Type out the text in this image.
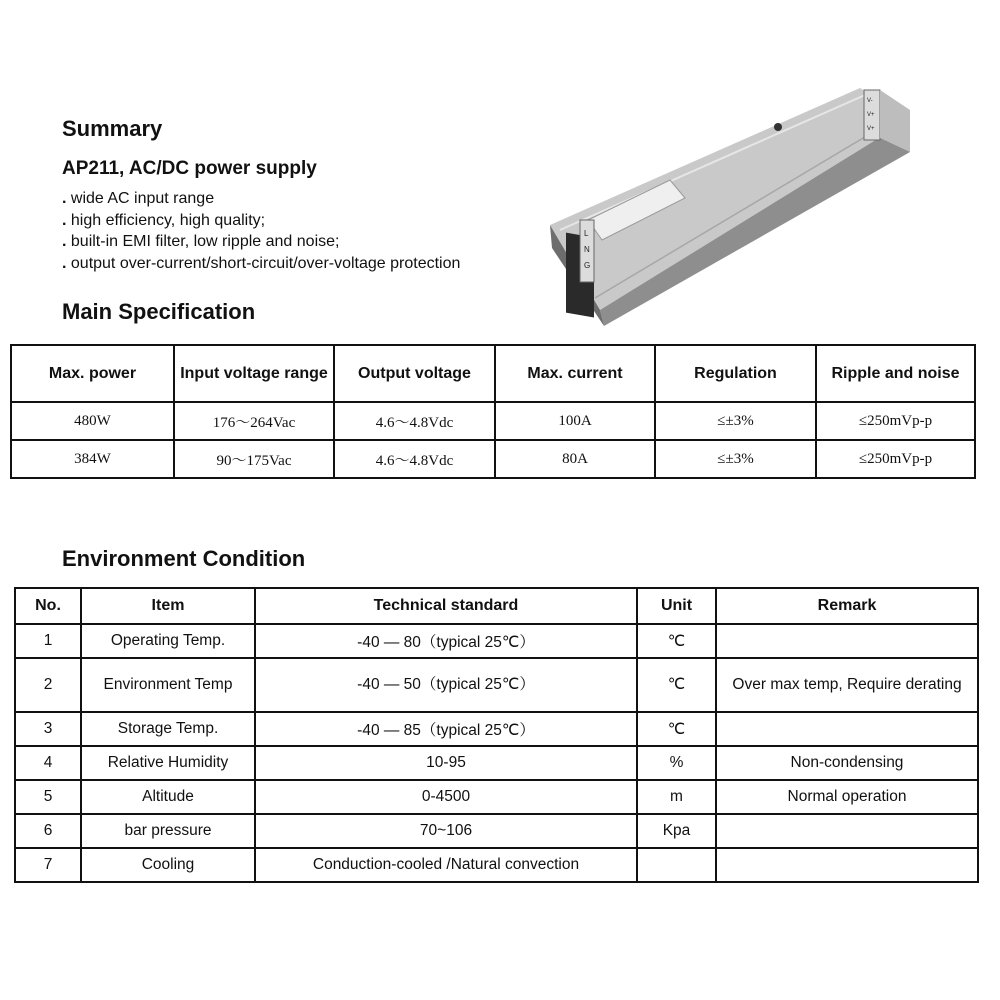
Summary
AP211, AC/DC power supply
. wide AC input range
. high efficiency, high quality;
. built-in EMI filter, low ripple and noise;
. output over-current/short-circuit/over-voltage protection
L
N
G
V-
V+
V+
Main Specification
Max. power	Input voltage range	Output voltage	Max. current	Regulation	Ripple and noise
480W	176～264Vac	4.6～4.8Vdc	100A	≤±3%	≤250mVp-p
384W	90～175Vac	4.6～4.8Vdc	80A	≤±3%	≤250mVp-p
Environment Condition
No.	Item	Technical standard	Unit	Remark
1	Operating Temp.	-40 — 80（typical 25℃）	℃	
2	Environment Temp	-40 — 50（typical 25℃）	℃	Over max temp, Require derating
3	Storage Temp.	-40 — 85（typical 25℃）	℃	
4	Relative Humidity	10-95	%	Non-condensing
5	Altitude	0-4500	m	Normal operation
6	bar pressure	70~106	Kpa	
7	Cooling	Conduction-cooled /Natural convection		
